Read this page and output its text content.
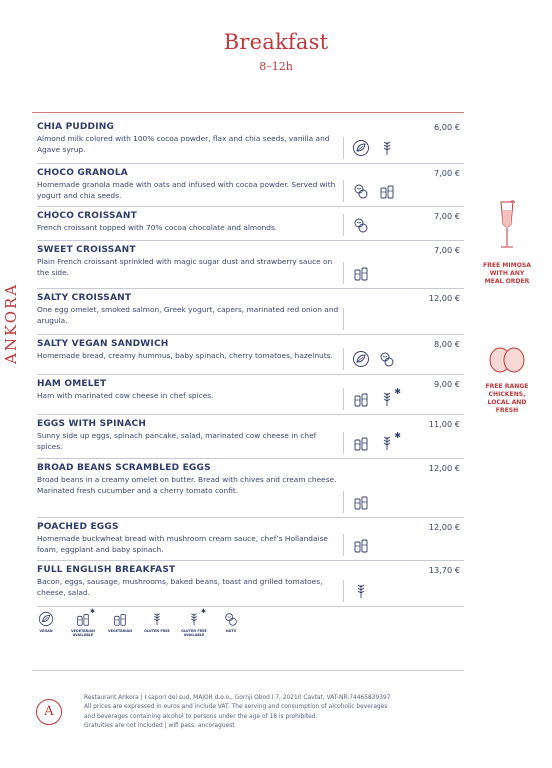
Breakfast
8–12h
ANKORA
CHIA PUDDING
Almond milk colored with 100% cocoa powder, flax and chia seeds, vanilla and Agave syrup.
6,00 €
CHOCO GRANOLA
Homemade granola made with oats and infused with cocoa powder. Served with yogurt and chia seeds.
7,00 €
CHOCO CROISSANT
French croissant topped with 70% cocoa chocolate and almonds.
7,00 €
SWEET CROISSANT
Plain French croissant sprinkled with magic sugar dust and strawberry sauce on the side.
7,00 €
SALTY CROISSANT
One egg omelet, smoked salmon, Greek yogurt, capers, marinated red onion and arugula.
12,00 €
SALTY VEGAN SANDWICH
Homemade bread, creamy hummus, baby spinach, cherry tomatoes, hazelnuts.
8,00 €
HAM OMELET
Ham with marinated cow cheese in chef spices.
9,00 €
✱
EGGS WITH SPINACH
Sunny side up eggs, spinach pancake, salad, marinated cow cheese in chef spices.
11,00 €
✱
BROAD BEANS SCRAMBLED EGGS
Broad beans in a creamy omelet on butter. Bread with chives and cream cheese. Marinated fresh cucumber and a cherry tomato confit.
12,00 €
POACHED EGGS
Homemade buckwheat bread with mushroom cream sauce, chef’s Hollandaise foam, eggplant and baby spinach.
12,00 €
FULL ENGLISH BREAKFAST
Bacon, eggs, sausage, mushrooms, baked beans, toast and grilled tomatoes, cheese, salad.
13,70 €
VEGAN
✱
VEGETARIAN AVAILABLE
VEGETARIAN	GLUTEN FREE
✱
GLUTEN FREE AVAILABLE
NUTS
FREE MIMOSA
WITH ANY
MEAL ORDER
FREE RANGE
CHICKENS,
LOCAL AND
FRESH
A
Restaurant Ankora | I sapori del sud, MAJOR d.o.o., Gornji Obod I 7, 20210 Cavtat, VAT-NR:74465839397
All prices are expressed in euros and include VAT. The serving and consumption of alcoholic beverages
and beverages containing alcohol to persons under the age of 18 is prohibited.
Gratuities are not included | wifi pass: ancoraguest
